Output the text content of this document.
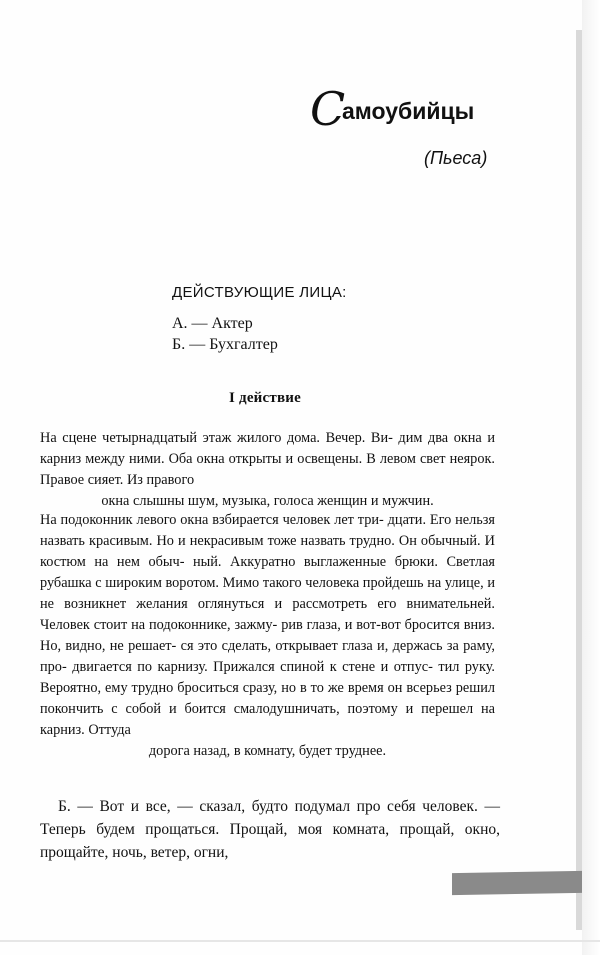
С
амоубийцы
(Пьеса)
ДЕЙСТВУЮЩИЕ ЛИЦА:
А. — Актер
Б. — Бухгалтер
I действие
На сцене четырнадцатый этаж жилого дома. Вечер. Ви- дим два окна и карниз между ними. Оба окна открыты и освещены. В левом свет неярок. Правое сияет. Из правого
окна слышны шум, музыка, голоса женщин и мужчин.
На подоконник левого окна взбирается человек лет три- дцати. Его нельзя назвать красивым. Но и некрасивым тоже назвать трудно. Он обычный. И костюм на нем обыч- ный. Аккуратно выглаженные брюки. Светлая рубашка с широким воротом. Мимо такого человека пройдешь на улице, и не возникнет желания оглянуться и рассмотреть его внимательней. Человек стоит на подоконнике, зажму- рив глаза, и вот-вот бросится вниз. Но, видно, не решает- ся это сделать, открывает глаза и, держась за раму, про- двигается по карнизу. Прижался спиной к стене и отпус- тил руку. Вероятно, ему трудно броситься сразу, но в то же время он всерьез решил покончить с собой и боится смалодушничать, поэтому и перешел на карниз. Оттуда
дорога назад, в комнату, будет труднее.
Б. — Вот и все, — сказал, будто подумал про себя человек. — Теперь будем прощаться. Прощай, моя комната, прощай, окно, прощайте, ночь, ветер, огни,
